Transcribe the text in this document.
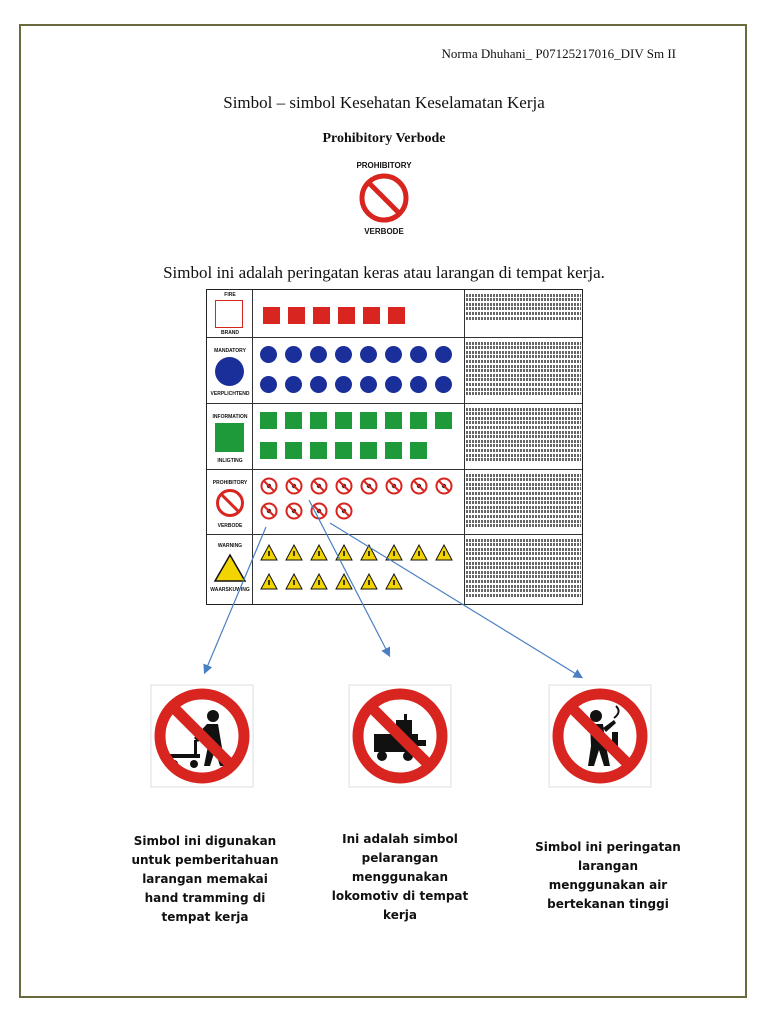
Norma Dhuhani_ P07125217016_DIV Sm II
Simbol – simbol Kesehatan Keselamatan Kerja
Prohibitory Verbode
PROHIBITORY
VERBODE
Simbol ini adalah peringatan keras atau larangan di tempat kerja.
FIRE
BRAND
MANDATORY
VERPLICHTEND
INFORMATION
INLIGTING
PROHIBITORY
VERBODE
WARNING
WAARSKUWING
Simbol ini digunakan
untuk pemberitahuan
larangan memakai
hand tramming di
tempat kerja
Ini adalah simbol
pelarangan
menggunakan
lokomotiv di tempat
kerja
Simbol ini peringatan
larangan
menggunakan air
bertekanan tinggi
